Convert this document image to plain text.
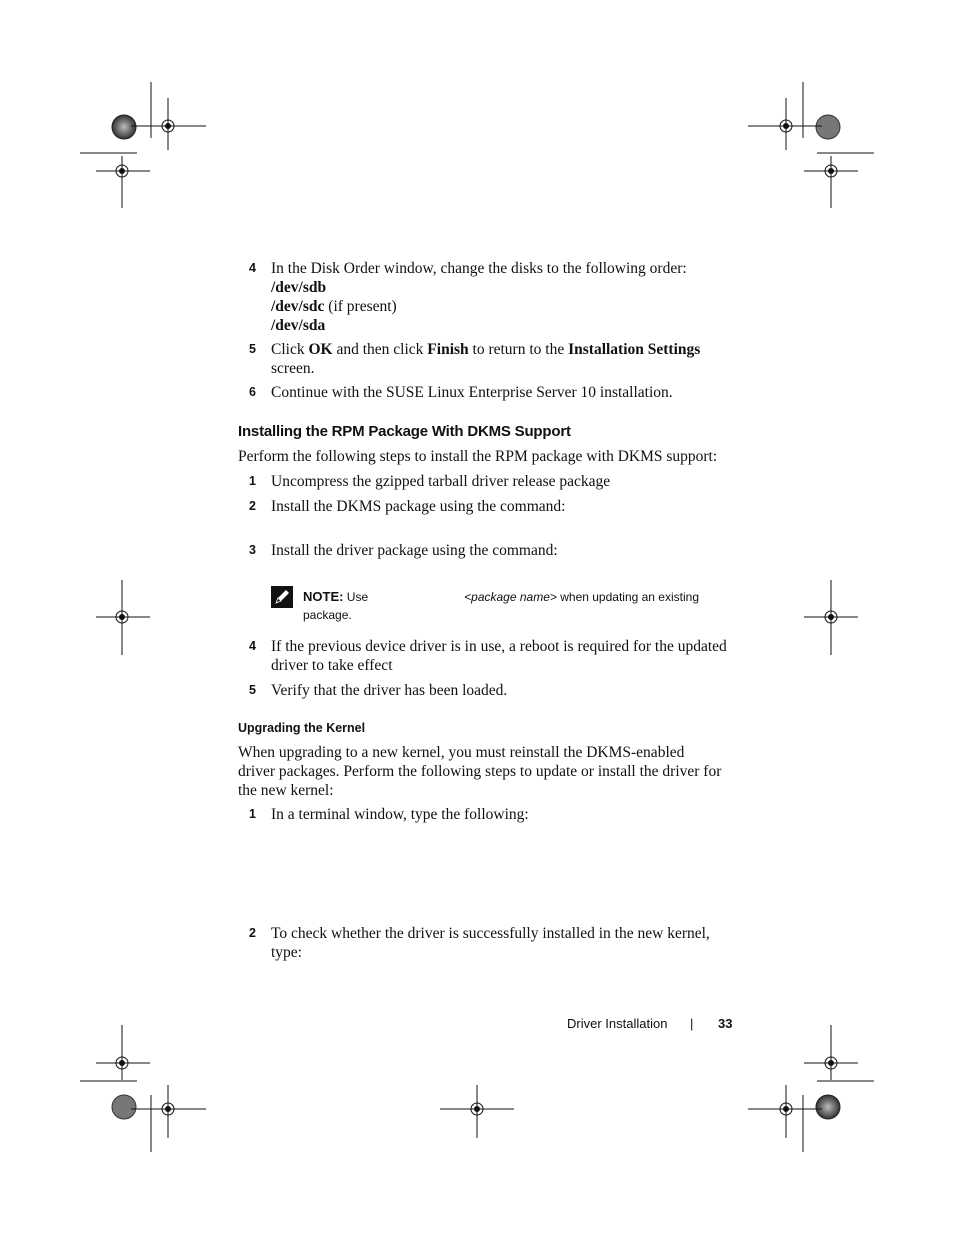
4 In the Disk Order window, change the disks to the following order:
/dev/sdb
/dev/sdc (if present)
/dev/sda
5 Click OK and then click Finish to return to the Installation Settings
screen.
6 Continue with the SUSE Linux Enterprise Server 10 installation.
Installing the RPM Package With DKMS Support
Perform the following steps to install the RPM package with DKMS support:
1 Uncompress the gzipped tarball driver release package
2 Install the DKMS package using the command:
3 Install the driver package using the command:
NOTE: Use	<package name> when updating an existing
package.
4 If the previous device driver is in use, a reboot is required for the updated
driver to take effect
5 Verify that the driver has been loaded.
Upgrading the Kernel
When upgrading to a new kernel, you must reinstall the DKMS-enabled
driver packages. Perform the following steps to update or install the driver for
the new kernel:
1 In a terminal window, type the following:
2 To check whether the driver is successfully installed in the new kernel,
type:
Driver Installation | 33
